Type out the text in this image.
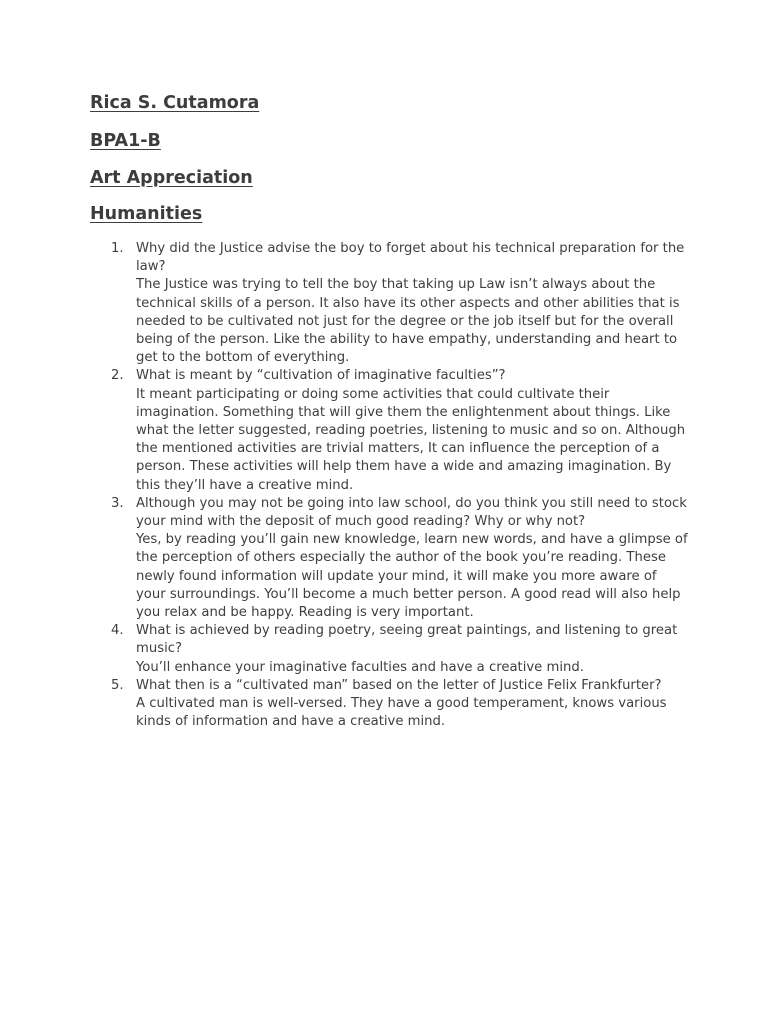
Rica S. Cutamora
BPA1-B
Art Appreciation
Humanities
1. Why did the Justice advise the boy to forget about his technical preparation for the law?

The Justice was trying to tell the boy that taking up Law isn’t always about the technical skills of a person. It also have its other aspects and other abilities that is needed to be cultivated not just for the degree or the job itself but for the overall being of the person. Like the ability to have empathy, understanding and heart to get to the bottom of everything.

2. What is meant by “cultivation of imaginative faculties”?

It meant participating or doing some activities that could cultivate their imagination. Something that will give them the enlightenment about things. Like what the letter suggested, reading poetries, listening to music and so on. Although the mentioned activities are trivial matters, It can influence the perception of a person. These activities will help them have a wide and amazing imagination. By this they’ll have a creative mind.

3. Although you may not be going into law school, do you think you still need to stock your mind with the deposit of much good reading? Why or why not?

Yes, by reading you’ll gain new knowledge, learn new words, and have a glimpse of the perception of others especially the author of the book you’re reading. These newly found information will update your mind, it will make you more aware of your surroundings. You’ll become a much better person. A good read will also help you relax and be happy. Reading is very important.

4. What is achieved by reading poetry, seeing great paintings, and listening to great music?

You’ll enhance your imaginative faculties and have a creative mind.

5. What then is a “cultivated man” based on the letter of Justice Felix Frankfurter?

A cultivated man is well-versed. They have a good temperament, knows various kinds of information and have a creative mind.
